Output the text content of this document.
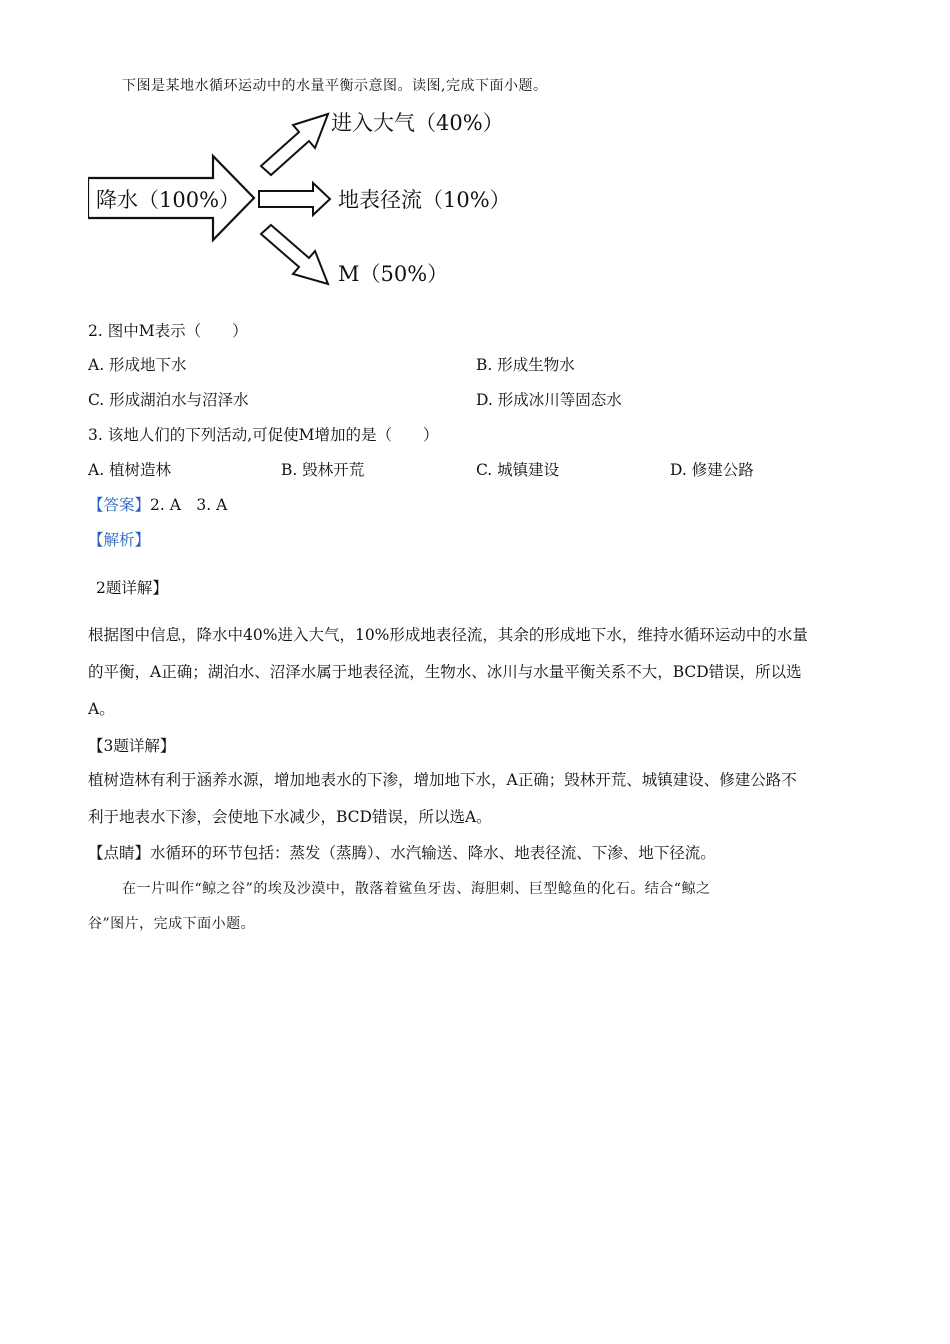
下图是某地水循环运动中的水量平衡示意图。读图,完成下面小题。
降水（100%）
进入大气（40%）
地表径流（10%）
M（50%）
2. 图中M表示（　　）
A. 形成地下水	B. 形成生物水
C. 形成湖泊水与沼泽水	D. 形成冰川等固态水
3. 该地人们的下列活动,可促使M增加的是（　　）
A. 植树造林	B. 毁林开荒	C. 城镇建设	D. 修建公路
【答案】2. A　3. A
【解析】
2题详解】
根据图中信息，降水中40%进入大气，10%形成地表径流，其余的形成地下水，维持水循环运动中的水量
的平衡，A正确；湖泊水、沼泽水属于地表径流，生物水、冰川与水量平衡关系不大，BCD错误，所以选
A。
【3题详解】
植树造林有利于涵养水源，增加地表水的下渗，增加地下水，A正确；毁林开荒、城镇建设、修建公路不
利于地表水下渗，会使地下水减少，BCD错误，所以选A。
【点睛】水循环的环节包括：蒸发（蒸腾）、水汽输送、降水、地表径流、下渗、地下径流。
在一片叫作“鲸之谷”的埃及沙漠中，散落着鲨鱼牙齿、海胆刺、巨型鲶鱼的化石。结合“鲸之
谷”图片，完成下面小题。
